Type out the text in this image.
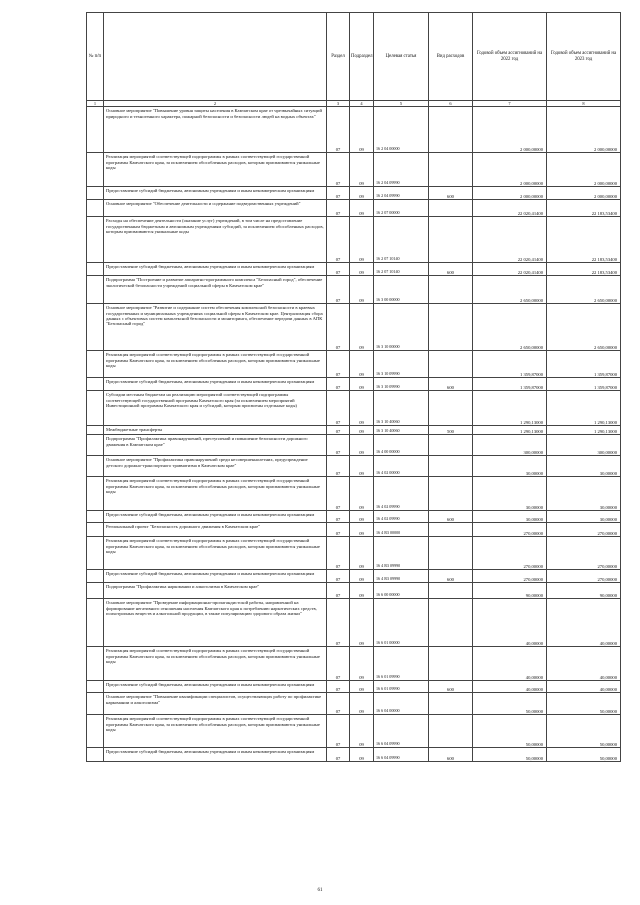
№ п/п		Раздел	Подраздел	Целевая статья	Вид расходов	Годовой объем ассигнований на 2022 год	Годовой объем ассигнований на 2023 год
1	2	3	4	5	6	7	8
	Основное мероприятие "Повышение уровня защиты населения в Камчатском крае от чрезвычайных ситуаций природного и техногенного характера, пожарной безопасности и безопасности людей на водных объектах"	07	09	16 2 04 00000		2 000,00000	2 000,00000
	Реализация мероприятий соответствующей подпрограммы в рамках соответствующей государственной программы Камчатского края, за исключением обособленных расходов, которым присваиваются уникальные коды	07	09	16 2 04 09990		2 000,00000	2 000,00000
	Предоставление субсидий бюджетным, автономным учреждениям и иным некоммерческим организациям	07	09	16 2 04 09990	600	2 000,00000	2 000,00000
	Основное мероприятие "Обеспечение деятельности и содержание подведомственных учреждений"	07	09	16 2 07 00000		22 020,41400	22 183,53400
	Расходы на обеспечение деятельности (оказание услуг) учреждений, в том числе на предоставление государственным бюджетным и автономным учреждениям субсидий, за исключением обособленных расходов, которым присваиваются уникальные коды	07	09	16 2 07 10140		22 020,41400	22 183,53400
	Предоставление субсидий бюджетным, автономным учреждениям и иным некоммерческим организациям	07	09	16 2 07 10140	600	22 020,41400	22 183,53400
	Подпрограмма "Построение и развитие аппаратно-программного комплекса "Безопасный город", обеспечение экологической безопасности учреждений социальной сферы в Камчатском крае"	07	09	16 3 00 00000		2 650,00000	2 650,00000
	Основное мероприятие "Развитие и содержание систем обеспечения комплексной безопасности в краевых государственных и муниципальных учреждениях социальной сферы в Камчатском крае. Централизация сбора данных с объектовых систем комплексной безопасности и мониторинга, обеспечение передачи данных в АПК "Безопасный город"	07	09	16 3 10 00000		2 650,00000	2 650,00000
	Реализация мероприятий соответствующей подпрограммы в рамках соответствующей государственной программы Камчатского края, за исключением обособленных расходов, которым присваиваются уникальные коды	07	09	16 3 10 09990		1 359,87000	1 359,87000
	Предоставление субсидий бюджетным, автономным учреждениям и иным некоммерческим организациям	07	09	16 3 10 09990	600	1 359,87000	1 359,87000
	Субсидии местным бюджетам на реализацию мероприятий соответствующей подпрограммы соответствующей государственной программы Камчатского края (за исключением мероприятий Инвестиционной программы Камчатского края и субсидий, которым присвоены отдельные коды)	07	09	16 3 10 40060		1 290,13000	1 290,13000
	Межбюджетные трансферты	07	09	16 3 10 40060	500	1 290,13000	1 290,13000
	Подпрограмма "Профилактика правонарушений, преступлений и повышение безопасности дорожного движения в Камчатском крае"	07	09	16 4 00 00000		300,00000	300,00000
	Основное мероприятие "Профилактика правонарушений среди несовершеннолетних, предупреждение детского дорожно-транспортного травматизма в Камчатском крае"	07	09	16 4 02 00000		30,00000	30,00000
	Реализация мероприятий соответствующей подпрограммы в рамках соответствующей государственной программы Камчатского края, за исключением обособленных расходов, которым присваиваются уникальные коды	07	09	16 4 02 09990		30,00000	30,00000
	Предоставление субсидий бюджетным, автономным учреждениям и иным некоммерческим организациям	07	09	16 4 02 09990	600	30,00000	30,00000
	Региональный проект "Безопасность дорожного движения в Камчатском крае"	07	09	16 4 R3 00000		270,00000	270,00000
	Реализация мероприятий соответствующей подпрограммы в рамках соответствующей государственной программы Камчатского края, за исключением обособленных расходов, которым присваиваются уникальные коды	07	09	16 4 R3 09990		270,00000	270,00000
	Предоставление субсидий бюджетным, автономным учреждениям и иным некоммерческим организациям	07	09	16 4 R3 09990	600	270,00000	270,00000
	Подпрограмма "Профилактика наркомании и алкоголизма в Камчатском крае"	07	09	16 6 00 00000		90,00000	90,00000
	Основное мероприятие "Проведение информационно-пропагандистской работы, направленной на формирование негативного отношения населения Камчатского края к потреблению наркотических средств, психотропных веществ и алкогольной продукции, в также популяризацию здорового образа жизни"	07	09	16 6 01 00000		40,00000	40,00000
	Реализация мероприятий соответствующей подпрограммы в рамках соответствующей государственной программы Камчатского края, за исключением обособленных расходов, которым присваиваются уникальные коды	07	09	16 6 01 09990		40,00000	40,00000
	Предоставление субсидий бюджетным, автономным учреждениям и иным некоммерческим организациям	07	09	16 6 01 09990	600	40,00000	40,00000
	Основное мероприятие "Повышение квалификации специалистов, осуществляющих работу по профилактике наркомании и алкоголизма"	07	09	16 6 04 00000		50,00000	50,00000
	Реализация мероприятий соответствующей подпрограммы в рамках соответствующей государственной программы Камчатского края, за исключением обособленных расходов, которым присваиваются уникальные коды	07	09	16 6 04 09990		50,00000	50,00000
	Предоставление субсидий бюджетным, автономным учреждениям и иным некоммерческим организациям	07	09	16 6 04 09990	600	50,00000	50,00000
61
